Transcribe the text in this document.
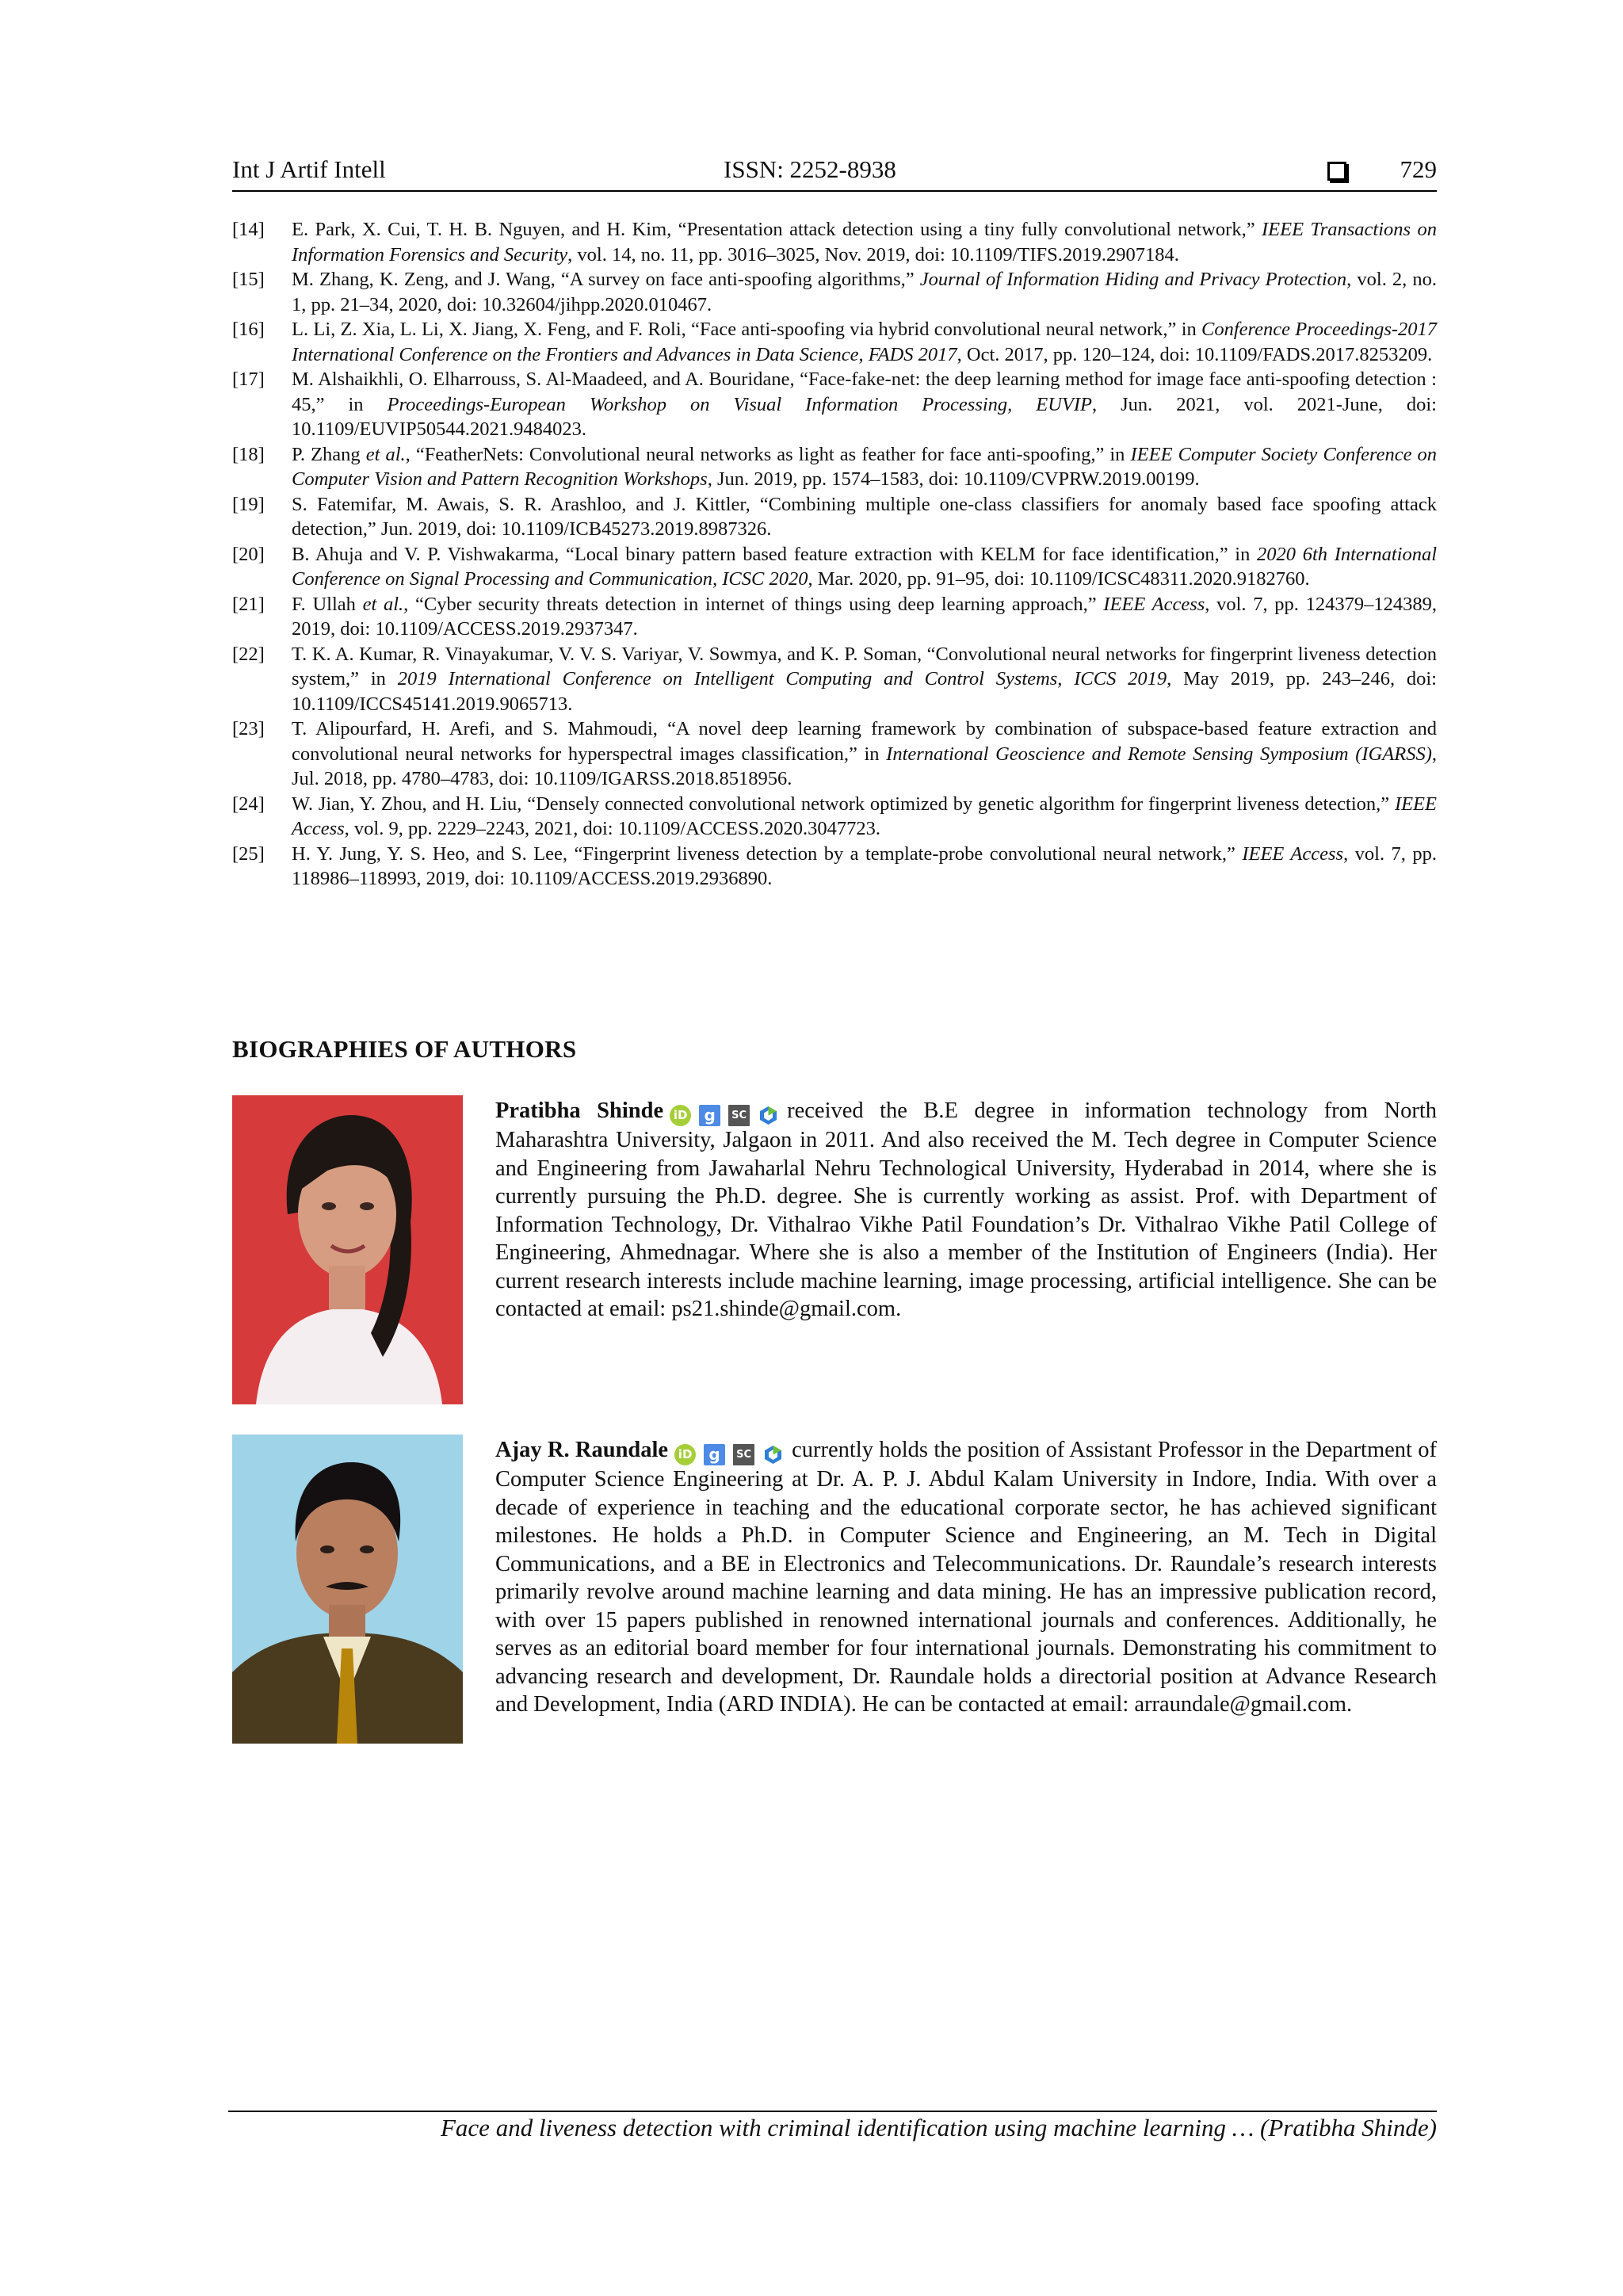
Int J Artif Intell	ISSN: 2252-8938	729
[14]	E. Park, X. Cui, T. H. B. Nguyen, and H. Kim, “Presentation attack detection using a tiny fully convolutional network,” IEEE Transactions on Information Forensics and Security, vol. 14, no. 11, pp. 3016–3025, Nov. 2019, doi: 10.1109/TIFS.2019.2907184.
[15]	M. Zhang, K. Zeng, and J. Wang, “A survey on face anti-spoofing algorithms,” Journal of Information Hiding and Privacy Protection, vol. 2, no. 1, pp. 21–34, 2020, doi: 10.32604/jihpp.2020.010467.
[16]	L. Li, Z. Xia, L. Li, X. Jiang, X. Feng, and F. Roli, “Face anti-spoofing via hybrid convolutional neural network,” in Conference Proceedings-2017 International Conference on the Frontiers and Advances in Data Science, FADS 2017, Oct. 2017, pp. 120–124, doi: 10.1109/FADS.2017.8253209.
[17]	M. Alshaikhli, O. Elharrouss, S. Al-Maadeed, and A. Bouridane, “Face-fake-net: the deep learning method for image face anti-spoofing detection : 45,” in Proceedings-European Workshop on Visual Information Processing, EUVIP, Jun. 2021, vol. 2021-June, doi: 10.1109/EUVIP50544.2021.9484023.
[18]	P. Zhang et al., “FeatherNets: Convolutional neural networks as light as feather for face anti-spoofing,” in IEEE Computer Society Conference on Computer Vision and Pattern Recognition Workshops, Jun. 2019, pp. 1574–1583, doi: 10.1109/CVPRW.2019.00199.
[19]	S. Fatemifar, M. Awais, S. R. Arashloo, and J. Kittler, “Combining multiple one-class classifiers for anomaly based face spoofing attack detection,” Jun. 2019, doi: 10.1109/ICB45273.2019.8987326.
[20]	B. Ahuja and V. P. Vishwakarma, “Local binary pattern based feature extraction with KELM for face identification,” in 2020 6th International Conference on Signal Processing and Communication, ICSC 2020, Mar. 2020, pp. 91–95, doi: 10.1109/ICSC48311.2020.9182760.
[21]	F. Ullah et al., “Cyber security threats detection in internet of things using deep learning approach,” IEEE Access, vol. 7, pp. 124379–124389, 2019, doi: 10.1109/ACCESS.2019.2937347.
[22]	T. K. A. Kumar, R. Vinayakumar, V. V. S. Variyar, V. Sowmya, and K. P. Soman, “Convolutional neural networks for fingerprint liveness detection system,” in 2019 International Conference on Intelligent Computing and Control Systems, ICCS 2019, May 2019, pp. 243–246, doi: 10.1109/ICCS45141.2019.9065713.
[23]	T. Alipourfard, H. Arefi, and S. Mahmoudi, “A novel deep learning framework by combination of subspace-based feature extraction and convolutional neural networks for hyperspectral images classification,” in International Geoscience and Remote Sensing Symposium (IGARSS), Jul. 2018, pp. 4780–4783, doi: 10.1109/IGARSS.2018.8518956.
[24]	W. Jian, Y. Zhou, and H. Liu, “Densely connected convolutional network optimized by genetic algorithm for fingerprint liveness detection,” IEEE Access, vol. 9, pp. 2229–2243, 2021, doi: 10.1109/ACCESS.2020.3047723.
[25]	H. Y. Jung, Y. S. Heo, and S. Lee, “Fingerprint liveness detection by a template-probe convolutional neural network,” IEEE Access, vol. 7, pp. 118986–118993, 2019, doi: 10.1109/ACCESS.2019.2936890.
BIOGRAPHIES OF AUTHORS
Pratibha Shinde iD	g	SC received the B.E degree in information technology from North Maharashtra University, Jalgaon in 2011. And also received the M. Tech degree in Computer Science and Engineering from Jawaharlal Nehru Technological University, Hyderabad in 2014, where she is currently pursuing the Ph.D. degree. She is currently working as assist. Prof. with Department of Information Technology, Dr. Vithalrao Vikhe Patil Foundation’s Dr. Vithalrao Vikhe Patil College of Engineering, Ahmednagar. Where she is also a member of the Institution of Engineers (India). Her current research interests include machine learning, image processing, artificial intelligence. She can be contacted at email: ps21.shinde@gmail.com.
Ajay R. Raundale iD	g	SC currently holds the position of Assistant Professor in the Department of Computer Science Engineering at Dr. A. P. J. Abdul Kalam University in Indore, India. With over a decade of experience in teaching and the educational corporate sector, he has achieved significant milestones. He holds a Ph.D. in Computer Science and Engineering, an M. Tech in Digital Communications, and a BE in Electronics and Telecommunications. Dr. Raundale’s research interests primarily revolve around machine learning and data mining. He has an impressive publication record, with over 15 papers published in renowned international journals and conferences. Additionally, he serves as an editorial board member for four international journals. Demonstrating his commitment to advancing research and development, Dr. Raundale holds a directorial position at Advance Research and Development, India (ARD INDIA). He can be contacted at email: arraundale@gmail.com.
Face and liveness detection with criminal identification using machine learning … (Pratibha Shinde)
